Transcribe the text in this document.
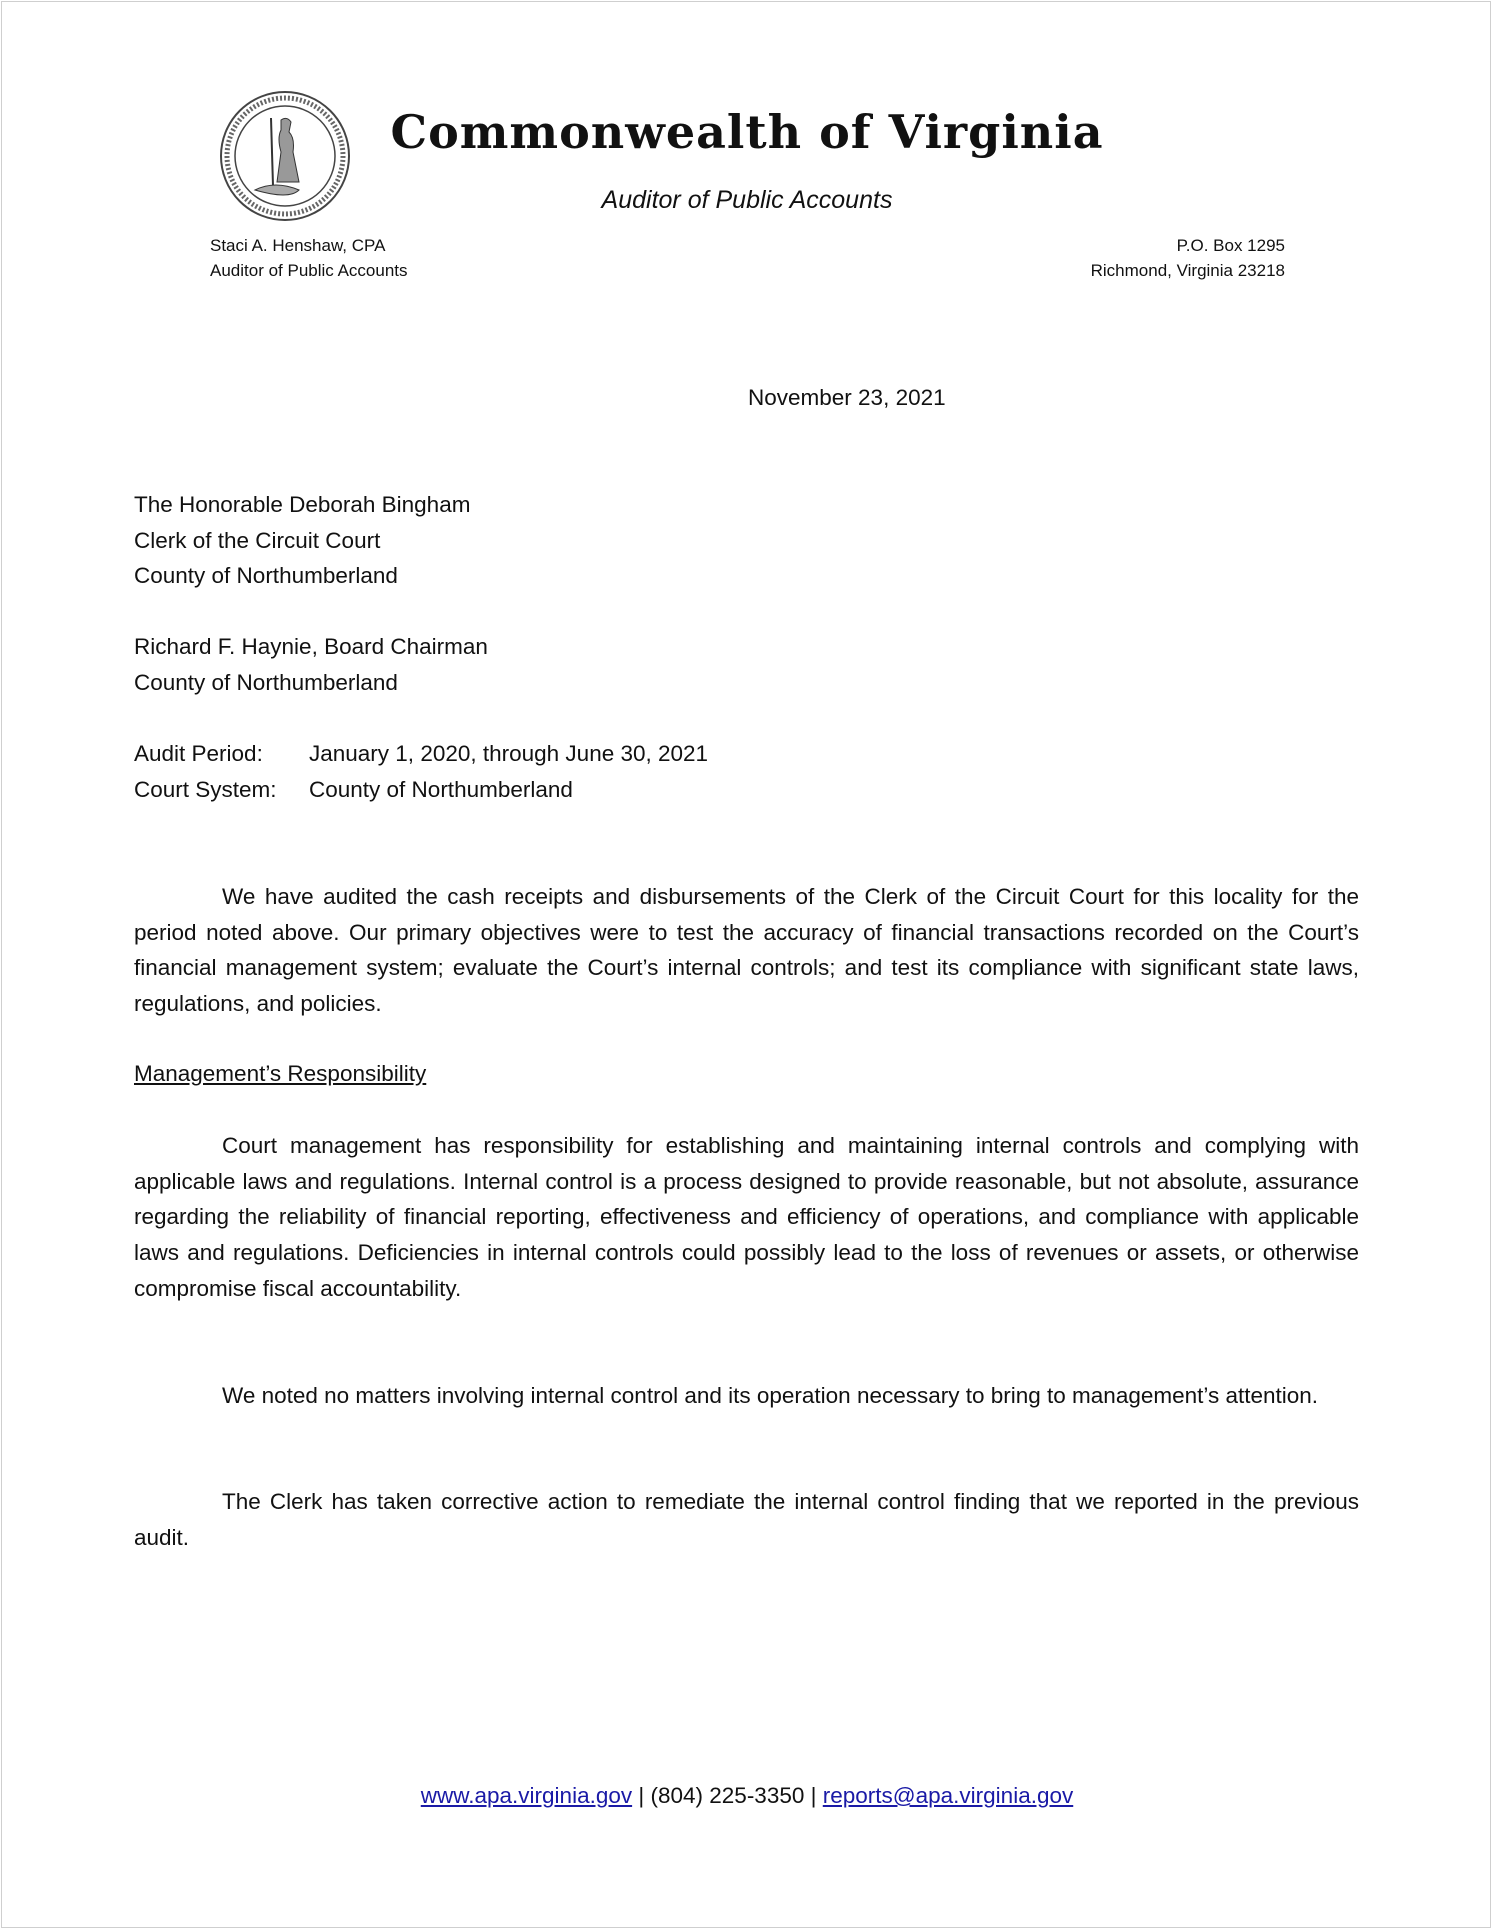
Commonwealth of Virginia
Auditor of Public Accounts
Staci A. Henshaw, CPA
Auditor of Public Accounts
P.O. Box 1295
Richmond, Virginia 23218
November 23, 2021
The Honorable Deborah Bingham
Clerk of the Circuit Court
County of Northumberland
Richard F. Haynie, Board Chairman
County of Northumberland
Audit Period: January 1, 2020, through June 30, 2021
Court System: County of Northumberland

We have audited the cash receipts and disbursements of the Clerk of the Circuit Court for this locality for the period noted above. Our primary objectives were to test the accuracy of financial transactions recorded on the Court’s financial management system; evaluate the Court’s internal controls; and test its compliance with significant state laws, regulations, and policies.

Management’s Responsibility

Court management has responsibility for establishing and maintaining internal controls and complying with applicable laws and regulations. Internal control is a process designed to provide reasonable, but not absolute, assurance regarding the reliability of financial reporting, effectiveness and efficiency of operations, and compliance with applicable laws and regulations. Deficiencies in internal controls could possibly lead to the loss of revenues or assets, or otherwise compromise fiscal accountability.

We noted no matters involving internal control and its operation necessary to bring to management’s attention.

The Clerk has taken corrective action to remediate the internal control finding that we reported in the previous audit.

www.apa.virginia.gov | (804) 225-3350 | reports@apa.virginia.gov
